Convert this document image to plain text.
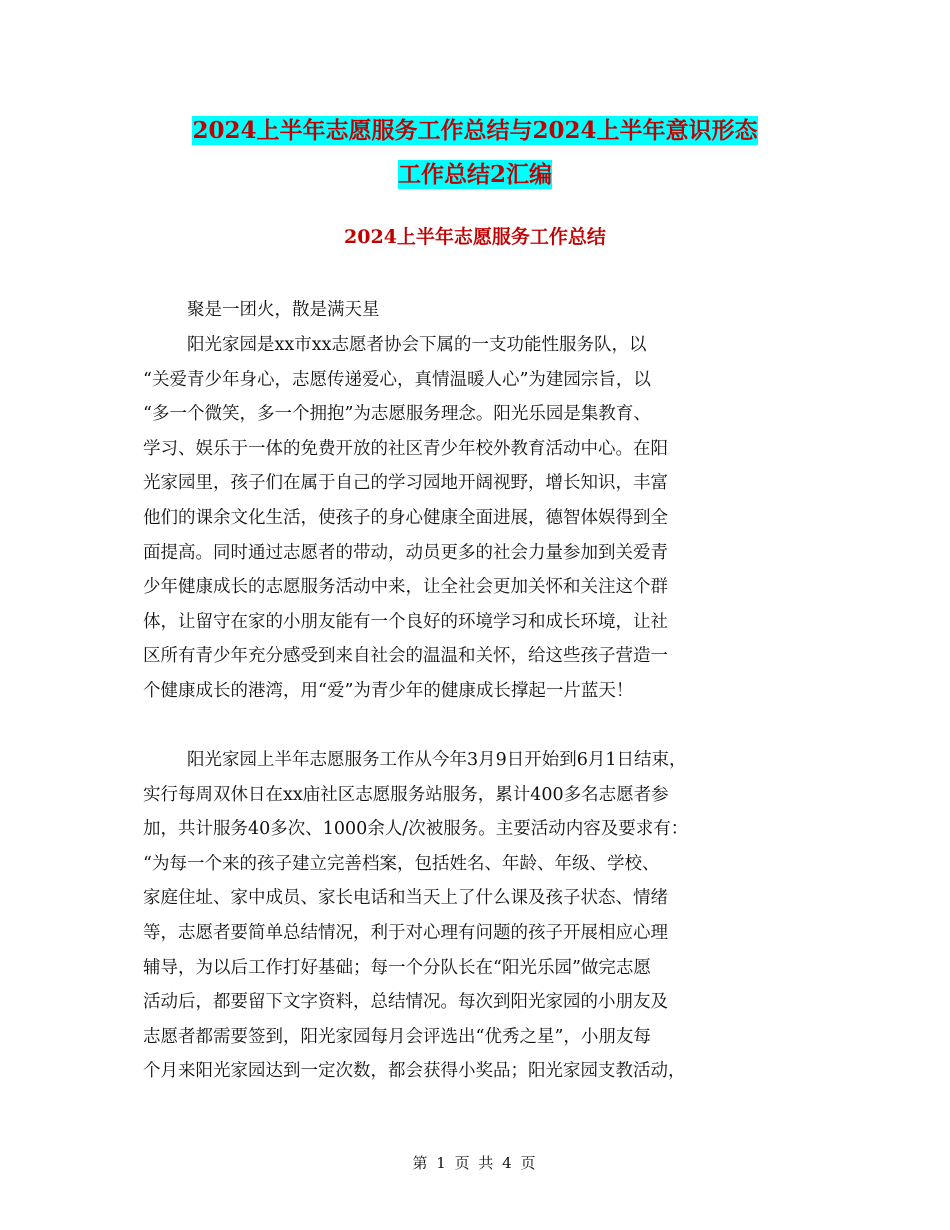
2024上半年志愿服务工作总结与2024上半年意识形态
工作总结2汇编
2024上半年志愿服务工作总结
聚是一团火，散是满天星
阳光家园是xx市xx志愿者协会下属的一支功能性服务队，以
“关爱青少年身心，志愿传递爱心，真情温暖人心”为建园宗旨，以
“多一个微笑，多一个拥抱”为志愿服务理念。阳光乐园是集教育、
学习、娱乐于一体的免费开放的社区青少年校外教育活动中心。在阳
光家园里，孩子们在属于自己的学习园地开阔视野，增长知识，丰富
他们的课余文化生活，使孩子的身心健康全面进展，德智体娱得到全
面提高。同时通过志愿者的带动，动员更多的社会力量参加到关爱青
少年健康成长的志愿服务活动中来，让全社会更加关怀和关注这个群
体，让留守在家的小朋友能有一个良好的环境学习和成长环境，让社
区所有青少年充分感受到来自社会的温温和关怀，给这些孩子营造一
个健康成长的港湾，用“爱”为青少年的健康成长撑起一片蓝天！
阳光家园上半年志愿服务工作从今年3月9日开始到6月1日结束，
实行每周双休日在xx庙社区志愿服务站服务，累计400多名志愿者参
加，共计服务40多次、1000余人/次被服务。主要活动内容及要求有：
“为每一个来的孩子建立完善档案，包括姓名、年龄、年级、学校、
家庭住址、家中成员、家长电话和当天上了什么课及孩子状态、情绪
等，志愿者要简单总结情况，利于对心理有问题的孩子开展相应心理
辅导，为以后工作打好基础；每一个分队长在“阳光乐园”做完志愿
活动后，都要留下文字资料，总结情况。每次到阳光家园的小朋友及
志愿者都需要签到，阳光家园每月会评选出“优秀之星”，小朋友每
个月来阳光家园达到一定次数，都会获得小奖品；阳光家园支教活动，
第 1 页 共 4 页
